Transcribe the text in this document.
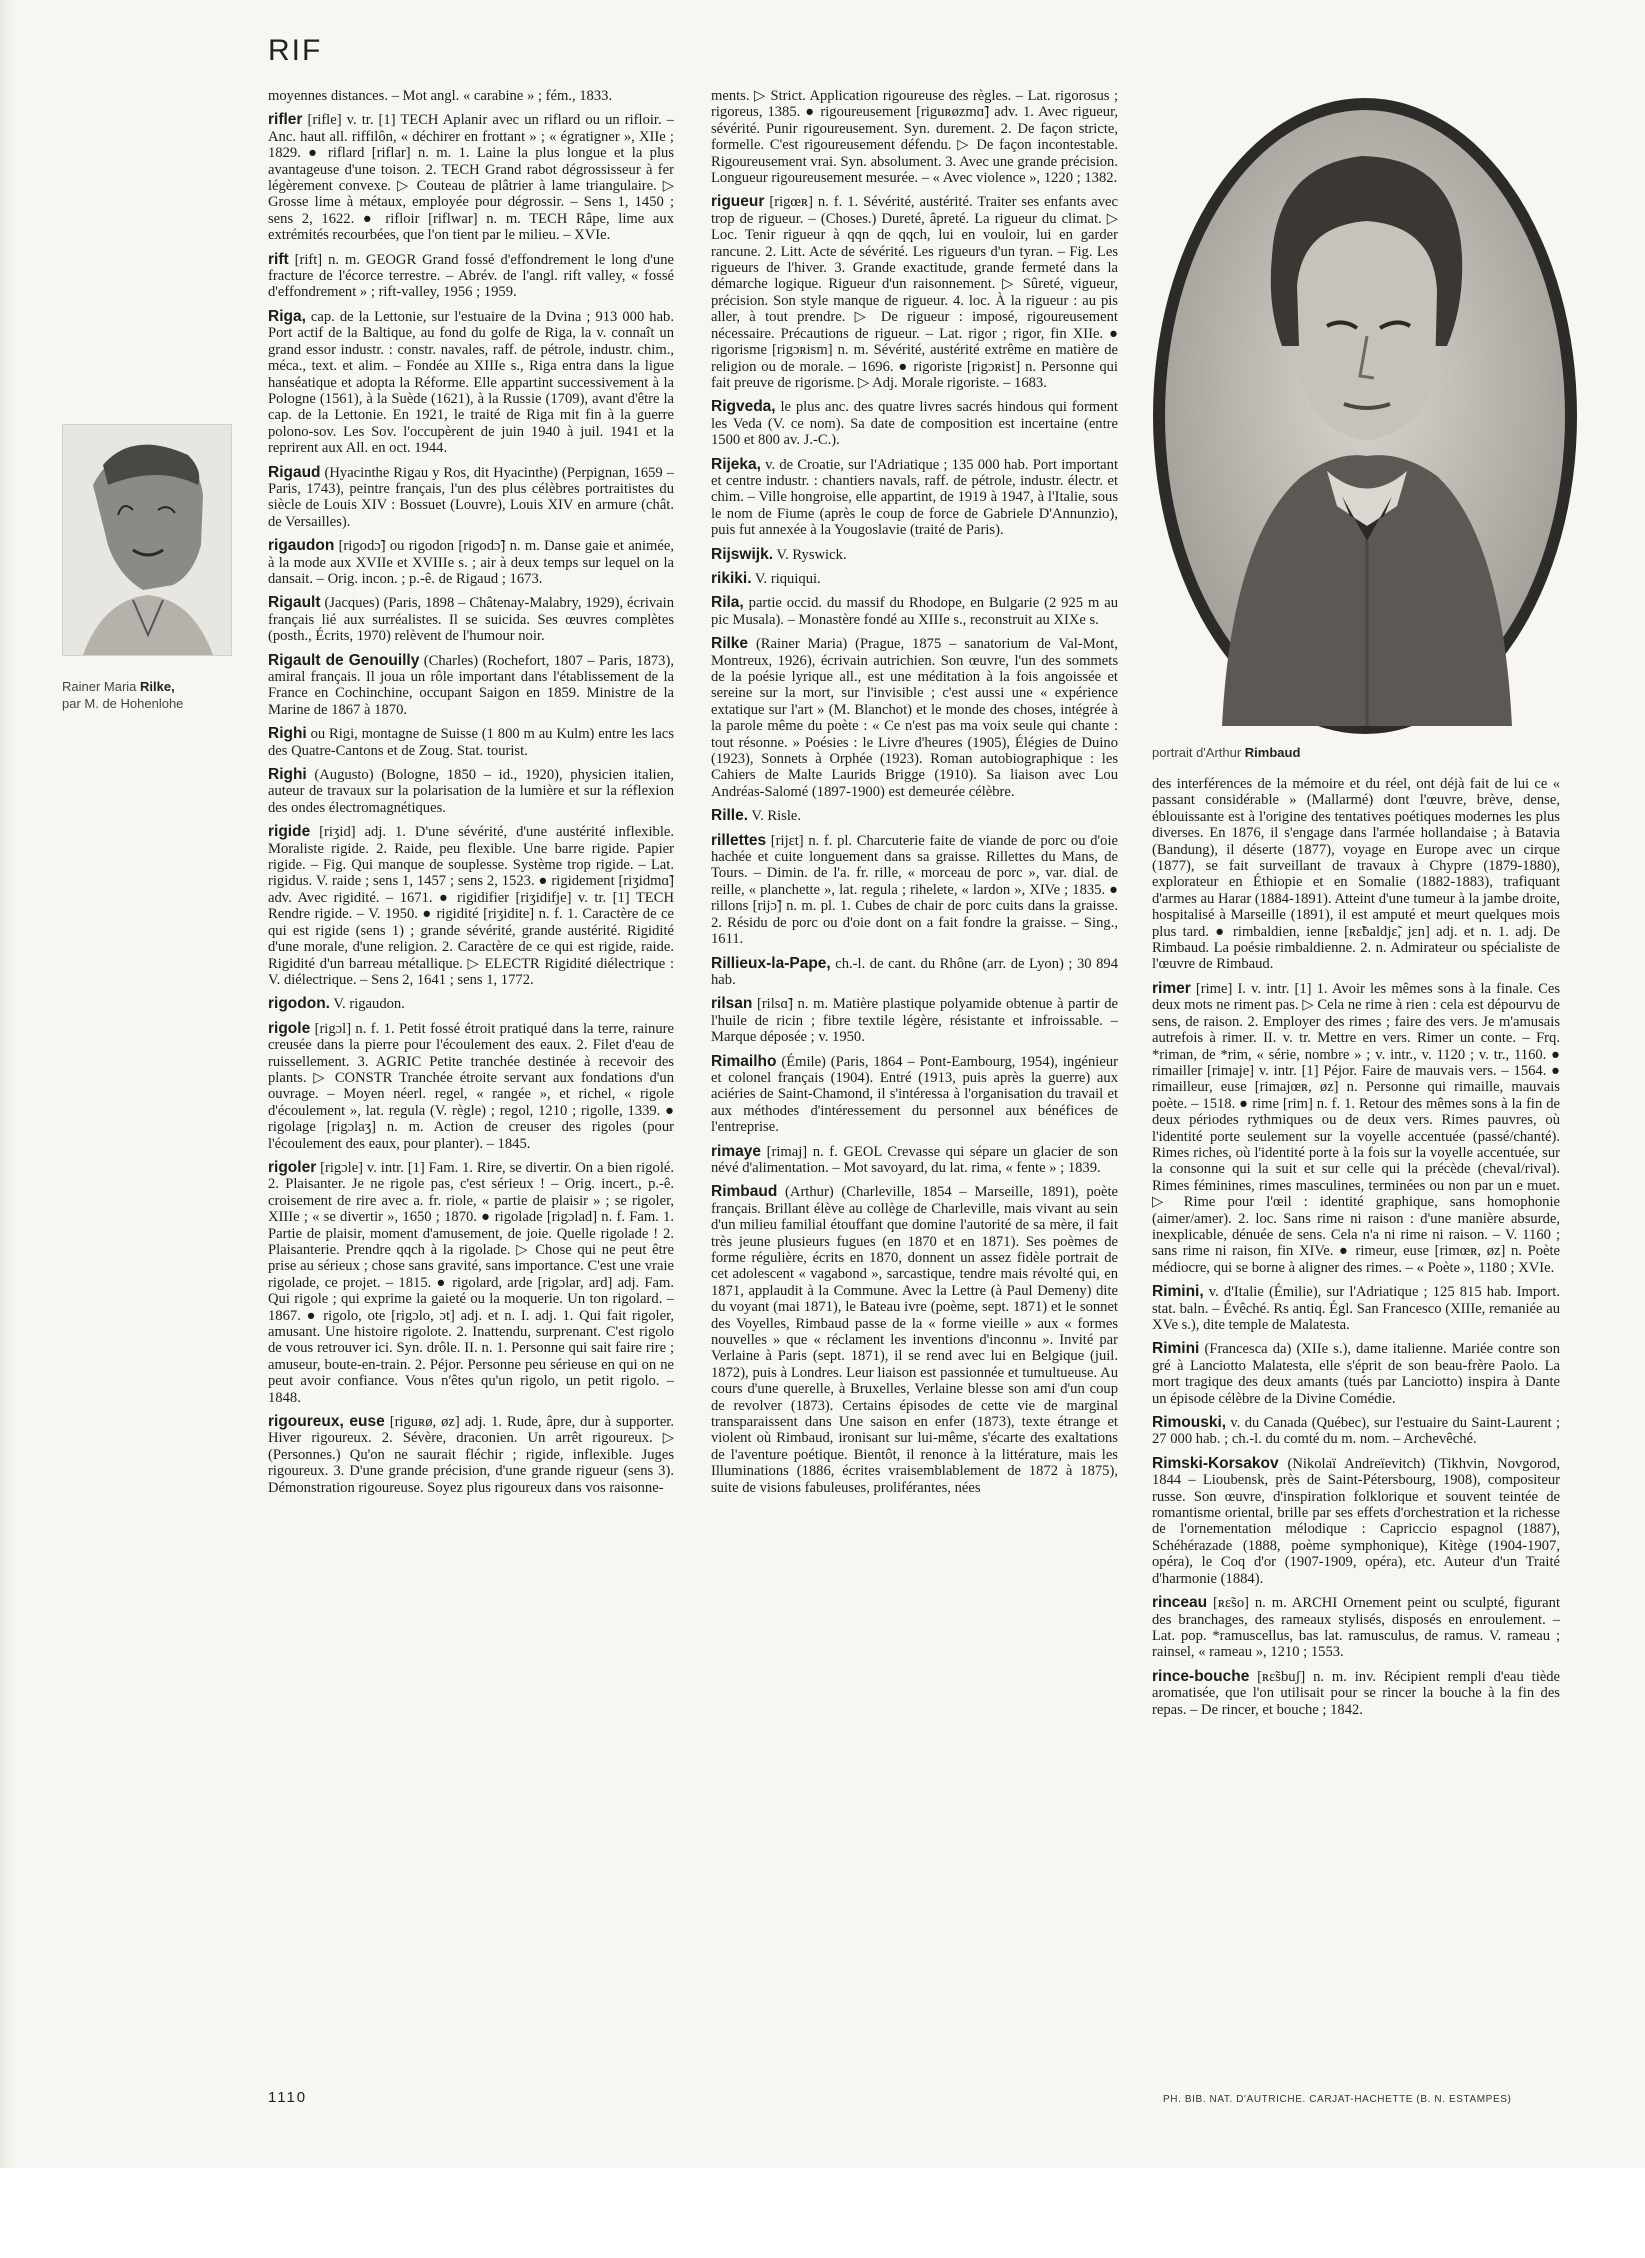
RIF
Rainer Maria Rilke,
par M. de Hohenlohe
portrait d'Arthur Rimbaud

moyennes distances. – Mot angl. « carabine » ; fém., 1833.

rifler [rifle] v. tr. [1] TECH Aplanir avec un riflard ou un rifloir. – Anc. haut all. riffilôn, « déchirer en frottant » ; « égratigner », XIIe ; 1829. ● riflard [riflar] n. m. 1. Laine la plus longue et la plus avantageuse d'une toison. 2. TECH Grand rabot dégrossisseur à fer légèrement convexe. ▷ Couteau de plâtrier à lame triangulaire. ▷ Grosse lime à métaux, employée pour dégrossir. – Sens 1, 1450 ; sens 2, 1622. ● rifloir [riflwar] n. m. TECH Râpe, lime aux extrémités recourbées, que l'on tient par le milieu. – XVIe.

rift [rift] n. m. GEOGR Grand fossé d'effondrement le long d'une fracture de l'écorce terrestre. – Abrév. de l'angl. rift valley, « fossé d'effondrement » ; rift-valley, 1956 ; 1959.

Riga, cap. de la Lettonie, sur l'estuaire de la Dvina ; 913 000 hab. Port actif de la Baltique, au fond du golfe de Riga, la v. connaît un grand essor industr. : constr. navales, raff. de pétrole, industr. chim., méca., text. et alim. – Fondée au XIIIe s., Riga entra dans la ligue hanséatique et adopta la Réforme. Elle appartint successivement à la Pologne (1561), à la Suède (1621), à la Russie (1709), avant d'être la cap. de la Lettonie. En 1921, le traité de Riga mit fin à la guerre polono-sov. Les Sov. l'occupèrent de juin 1940 à juil. 1941 et la reprirent aux All. en oct. 1944.

Rigaud (Hyacinthe Rigau y Ros, dit Hyacinthe) (Perpignan, 1659 – Paris, 1743), peintre français, l'un des plus célèbres portraitistes du siècle de Louis XIV : Bossuet (Louvre), Louis XIV en armure (chât. de Versailles).

rigaudon [rigodɔ̃] ou rigodon [rigodɔ̃] n. m. Danse gaie et animée, à la mode aux XVIIe et XVIIIe s. ; air à deux temps sur lequel on la dansait. – Orig. incon. ; p.-ê. de Rigaud ; 1673.

Rigault (Jacques) (Paris, 1898 – Châtenay-Malabry, 1929), écrivain français lié aux surréalistes. Il se suicida. Ses œuvres complètes (posth., Écrits, 1970) relèvent de l'humour noir.

Rigault de Genouilly (Charles) (Rochefort, 1807 – Paris, 1873), amiral français. Il joua un rôle important dans l'établissement de la France en Cochinchine, occupant Saigon en 1859. Ministre de la Marine de 1867 à 1870.

Righi ou Rigi, montagne de Suisse (1 800 m au Kulm) entre les lacs des Quatre-Cantons et de Zoug. Stat. tourist.

Righi (Augusto) (Bologne, 1850 – id., 1920), physicien italien, auteur de travaux sur la polarisation de la lumière et sur la réflexion des ondes électromagnétiques.

rigide [riʒid] adj. 1. D'une sévérité, d'une austérité inflexible. Moraliste rigide. 2. Raide, peu flexible. Une barre rigide. Papier rigide. – Fig. Qui manque de souplesse. Système trop rigide. – Lat. rigidus. V. raide ; sens 1, 1457 ; sens 2, 1523. ● rigidement [riʒidmɑ̃] adv. Avec rigidité. – 1671. ● rigidifier [riʒidifje] v. tr. [1] TECH Rendre rigide. – V. 1950. ● rigidité [riʒidite] n. f. 1. Caractère de ce qui est rigide (sens 1) ; grande sévérité, grande austérité. Rigidité d'une morale, d'une religion. 2. Caractère de ce qui est rigide, raide. Rigidité d'un barreau métallique. ▷ ELECTR Rigidité diélectrique : V. diélectrique. – Sens 2, 1641 ; sens 1, 1772.

rigodon. V. rigaudon.

rigole [rigɔl] n. f. 1. Petit fossé étroit pratiqué dans la terre, rainure creusée dans la pierre pour l'écoulement des eaux. 2. Filet d'eau de ruissellement. 3. AGRIC Petite tranchée destinée à recevoir des plants. ▷ CONSTR Tranchée étroite servant aux fondations d'un ouvrage. – Moyen néerl. regel, « rangée », et richel, « rigole d'écoulement », lat. regula (V. règle) ; regol, 1210 ; rigolle, 1339. ● rigolage [rigɔlaʒ] n. m. Action de creuser des rigoles (pour l'écoulement des eaux, pour planter). – 1845.

rigoler [rigɔle] v. intr. [1] Fam. 1. Rire, se divertir. On a bien rigolé. 2. Plaisanter. Je ne rigole pas, c'est sérieux ! – Orig. incert., p.-ê. croisement de rire avec a. fr. riole, « partie de plaisir » ; se rigoler, XIIIe ; « se divertir », 1650 ; 1870. ● rigolade [rigɔlad] n. f. Fam. 1. Partie de plaisir, moment d'amusement, de joie. Quelle rigolade ! 2. Plaisanterie. Prendre qqch à la rigolade. ▷ Chose qui ne peut être prise au sérieux ; chose sans gravité, sans importance. C'est une vraie rigolade, ce projet. – 1815. ● rigolard, arde [rigɔlar, ard] adj. Fam. Qui rigole ; qui exprime la gaieté ou la moquerie. Un ton rigolard. – 1867. ● rigolo, ote [rigɔlo, ɔt] adj. et n. I. adj. 1. Qui fait rigoler, amusant. Une histoire rigolote. 2. Inattendu, surprenant. C'est rigolo de vous retrouver ici. Syn. drôle. II. n. 1. Personne qui sait faire rire ; amuseur, boute-en-train. 2. Péjor. Personne peu sérieuse en qui on ne peut avoir confiance. Vous n'êtes qu'un rigolo, un petit rigolo. – 1848.

rigoureux, euse [riguʀø, øz] adj. 1. Rude, âpre, dur à supporter. Hiver rigoureux. 2. Sévère, draconien. Un arrêt rigoureux. ▷ (Personnes.) Qu'on ne saurait fléchir ; rigide, inflexible. Juges rigoureux. 3. D'une grande précision, d'une grande rigueur (sens 3). Démonstration rigoureuse. Soyez plus rigoureux dans vos raisonne-

ments. ▷ Strict. Application rigoureuse des règles. – Lat. rigorosus ; rigoreus, 1385. ● rigoureusement [riguʀøzmɑ̃] adv. 1. Avec rigueur, sévérité. Punir rigoureusement. Syn. durement. 2. De façon stricte, formelle. C'est rigoureusement défendu. ▷ De façon incontestable. Rigoureusement vrai. Syn. absolument. 3. Avec une grande précision. Longueur rigoureusement mesurée. – « Avec violence », 1220 ; 1382.

rigueur [rigœʀ] n. f. 1. Sévérité, austérité. Traiter ses enfants avec trop de rigueur. – (Choses.) Dureté, âpreté. La rigueur du climat. ▷ Loc. Tenir rigueur à qqn de qqch, lui en vouloir, lui en garder rancune. 2. Litt. Acte de sévérité. Les rigueurs d'un tyran. – Fig. Les rigueurs de l'hiver. 3. Grande exactitude, grande fermeté dans la démarche logique. Rigueur d'un raisonnement. ▷ Sûreté, vigueur, précision. Son style manque de rigueur. 4. loc. À la rigueur : au pis aller, à tout prendre. ▷ De rigueur : imposé, rigoureusement nécessaire. Précautions de rigueur. – Lat. rigor ; rigor, fin XIIe. ● rigorisme [rigɔʀism] n. m. Sévérité, austérité extrême en matière de religion ou de morale. – 1696. ● rigoriste [rigɔʀist] n. Personne qui fait preuve de rigorisme. ▷ Adj. Morale rigoriste. – 1683.

Rigveda, le plus anc. des quatre livres sacrés hindous qui forment les Veda (V. ce nom). Sa date de composition est incertaine (entre 1500 et 800 av. J.-C.).

Rijeka, v. de Croatie, sur l'Adriatique ; 135 000 hab. Port important et centre industr. : chantiers navals, raff. de pétrole, industr. électr. et chim. – Ville hongroise, elle appartint, de 1919 à 1947, à l'Italie, sous le nom de Fiume (après le coup de force de Gabriele D'Annunzio), puis fut annexée à la Yougoslavie (traité de Paris).

Rijswijk. V. Ryswick.

rikiki. V. riquiqui.

Rila, partie occid. du massif du Rhodope, en Bulgarie (2 925 m au pic Musala). – Monastère fondé au XIIIe s., reconstruit au XIXe s.

Rilke (Rainer Maria) (Prague, 1875 – sanatorium de Val-Mont, Montreux, 1926), écrivain autrichien. Son œuvre, l'un des sommets de la poésie lyrique all., est une méditation à la fois angoissée et sereine sur la mort, sur l'invisible ; c'est aussi une « expérience extatique sur l'art » (M. Blanchot) et le monde des choses, intégrée à la parole même du poète : « Ce n'est pas ma voix seule qui chante : tout résonne. » Poésies : le Livre d'heures (1905), Élégies de Duino (1923), Sonnets à Orphée (1923). Roman autobiographique : les Cahiers de Malte Laurids Brigge (1910). Sa liaison avec Lou Andréas-Salomé (1897-1900) est demeurée célèbre.

Rille. V. Risle.

rillettes [rijɛt] n. f. pl. Charcuterie faite de viande de porc ou d'oie hachée et cuite longuement dans sa graisse. Rillettes du Mans, de Tours. – Dimin. de l'a. fr. rille, « morceau de porc », var. dial. de reille, « planchette », lat. regula ; rihelete, « lardon », XIVe ; 1835. ● rillons [rijɔ̃] n. m. pl. 1. Cubes de chair de porc cuits dans la graisse. 2. Résidu de porc ou d'oie dont on a fait fondre la graisse. – Sing., 1611.

Rillieux-la-Pape, ch.-l. de cant. du Rhône (arr. de Lyon) ; 30 894 hab.

rilsan [rilsɑ̃] n. m. Matière plastique polyamide obtenue à partir de l'huile de ricin ; fibre textile légère, résistante et infroissable. – Marque déposée ; v. 1950.

Rimailho (Émile) (Paris, 1864 – Pont-Eambourg, 1954), ingénieur et colonel français (1904). Entré (1913, puis après la guerre) aux aciéries de Saint-Chamond, il s'intéressa à l'organisation du travail et aux méthodes d'intéressement du personnel aux bénéfices de l'entreprise.

rimaye [rimaj] n. f. GEOL Crevasse qui sépare un glacier de son névé d'alimentation. – Mot savoyard, du lat. rima, « fente » ; 1839.

Rimbaud (Arthur) (Charleville, 1854 – Marseille, 1891), poète français. Brillant élève au collège de Charleville, mais vivant au sein d'un milieu familial étouffant que domine l'autorité de sa mère, il fait très jeune plusieurs fugues (en 1870 et en 1871). Ses poèmes de forme régulière, écrits en 1870, donnent un assez fidèle portrait de cet adolescent « vagabond », sarcastique, tendre mais révolté qui, en 1871, applaudit à la Commune. Avec la Lettre (à Paul Demeny) dite du voyant (mai 1871), le Bateau ivre (poème, sept. 1871) et le sonnet des Voyelles, Rimbaud passe de la « forme vieille » aux « formes nouvelles » que « réclament les inventions d'inconnu ». Invité par Verlaine à Paris (sept. 1871), il se rend avec lui en Belgique (juil. 1872), puis à Londres. Leur liaison est passionnée et tumultueuse. Au cours d'une querelle, à Bruxelles, Verlaine blesse son ami d'un coup de revolver (1873). Certains épisodes de cette vie de marginal transparaissent dans Une saison en enfer (1873), texte étrange et violent où Rimbaud, ironisant sur lui-même, s'écarte des exaltations de l'aventure poétique. Bientôt, il renonce à la littérature, mais les Illuminations (1886, écrites vraisemblablement de 1872 à 1875), suite de visions fabuleuses, proliférantes, nées

des interférences de la mémoire et du réel, ont déjà fait de lui ce « passant considérable » (Mallarmé) dont l'œuvre, brève, dense, éblouissante est à l'origine des tentatives poétiques modernes les plus diverses. En 1876, il s'engage dans l'armée hollandaise ; à Batavia (Bandung), il déserte (1877), voyage en Europe avec un cirque (1877), se fait surveillant de travaux à Chypre (1879-1880), explorateur en Éthiopie et en Somalie (1882-1883), trafiquant d'armes au Harar (1884-1891). Atteint d'une tumeur à la jambe droite, hospitalisé à Marseille (1891), il est amputé et meurt quelques mois plus tard. ● rimbaldien, ienne [ʀɛ̃baldjɛ̃, jɛn] adj. et n. 1. adj. De Rimbaud. La poésie rimbaldienne. 2. n. Admirateur ou spécialiste de l'œuvre de Rimbaud.

rimer [rime] I. v. intr. [1] 1. Avoir les mêmes sons à la finale. Ces deux mots ne riment pas. ▷ Cela ne rime à rien : cela est dépourvu de sens, de raison. 2. Employer des rimes ; faire des vers. Je m'amusais autrefois à rimer. II. v. tr. Mettre en vers. Rimer un conte. – Frq. *riman, de *rim, « série, nombre » ; v. intr., v. 1120 ; v. tr., 1160. ● rimailler [rimaje] v. intr. [1] Péjor. Faire de mauvais vers. – 1564. ● rimailleur, euse [rimajœʀ, øz] n. Personne qui rimaille, mauvais poète. – 1518. ● rime [rim] n. f. 1. Retour des mêmes sons à la fin de deux périodes rythmiques ou de deux vers. Rimes pauvres, où l'identité porte seulement sur la voyelle accentuée (passé/chanté). Rimes riches, où l'identité porte à la fois sur la voyelle accentuée, sur la consonne qui la suit et sur celle qui la précède (cheval/rival). Rimes féminines, rimes masculines, terminées ou non par un e muet. ▷ Rime pour l'œil : identité graphique, sans homophonie (aimer/amer). 2. loc. Sans rime ni raison : d'une manière absurde, inexplicable, dénuée de sens. Cela n'a ni rime ni raison. – V. 1160 ; sans rime ni raison, fin XIVe. ● rimeur, euse [rimœʀ, øz] n. Poète médiocre, qui se borne à aligner des rimes. – « Poète », 1180 ; XVIe.

Rimini, v. d'Italie (Émilie), sur l'Adriatique ; 125 815 hab. Import. stat. baln. – Évêché. Rs antiq. Égl. San Francesco (XIIIe, remaniée au XVe s.), dite temple de Malatesta.

Rimini (Francesca da) (XIIe s.), dame italienne. Mariée contre son gré à Lanciotto Malatesta, elle s'éprit de son beau-frère Paolo. La mort tragique des deux amants (tués par Lanciotto) inspira à Dante un épisode célèbre de la Divine Comédie.

Rimouski, v. du Canada (Québec), sur l'estuaire du Saint-Laurent ; 27 000 hab. ; ch.-l. du comté du m. nom. – Archevêché.

Rimski-Korsakov (Nikolaï Andreïevitch) (Tikhvin, Novgorod, 1844 – Lioubensk, près de Saint-Pétersbourg, 1908), compositeur russe. Son œuvre, d'inspiration folklorique et souvent teintée de romantisme oriental, brille par ses effets d'orchestration et la richesse de l'ornementation mélodique : Capriccio espagnol (1887), Schéhérazade (1888, poème symphonique), Kitège (1904-1907, opéra), le Coq d'or (1907-1909, opéra), etc. Auteur d'un Traité d'harmonie (1884).

rinceau [ʀɛ̃so] n. m. ARCHI Ornement peint ou sculpté, figurant des branchages, des rameaux stylisés, disposés en enroulement. – Lat. pop. *ramuscellus, bas lat. ramusculus, de ramus. V. rameau ; rainsel, « rameau », 1210 ; 1553.

rince-bouche [ʀɛ̃sbuʃ] n. m. inv. Récipient rempli d'eau tiède aromatisée, que l'on utilisait pour se rincer la bouche à la fin des repas. – De rincer, et bouche ; 1842.

1110	PH. BIB. NAT. D'AUTRICHE. CARJAT-HACHETTE (B. N. ESTAMPES)
